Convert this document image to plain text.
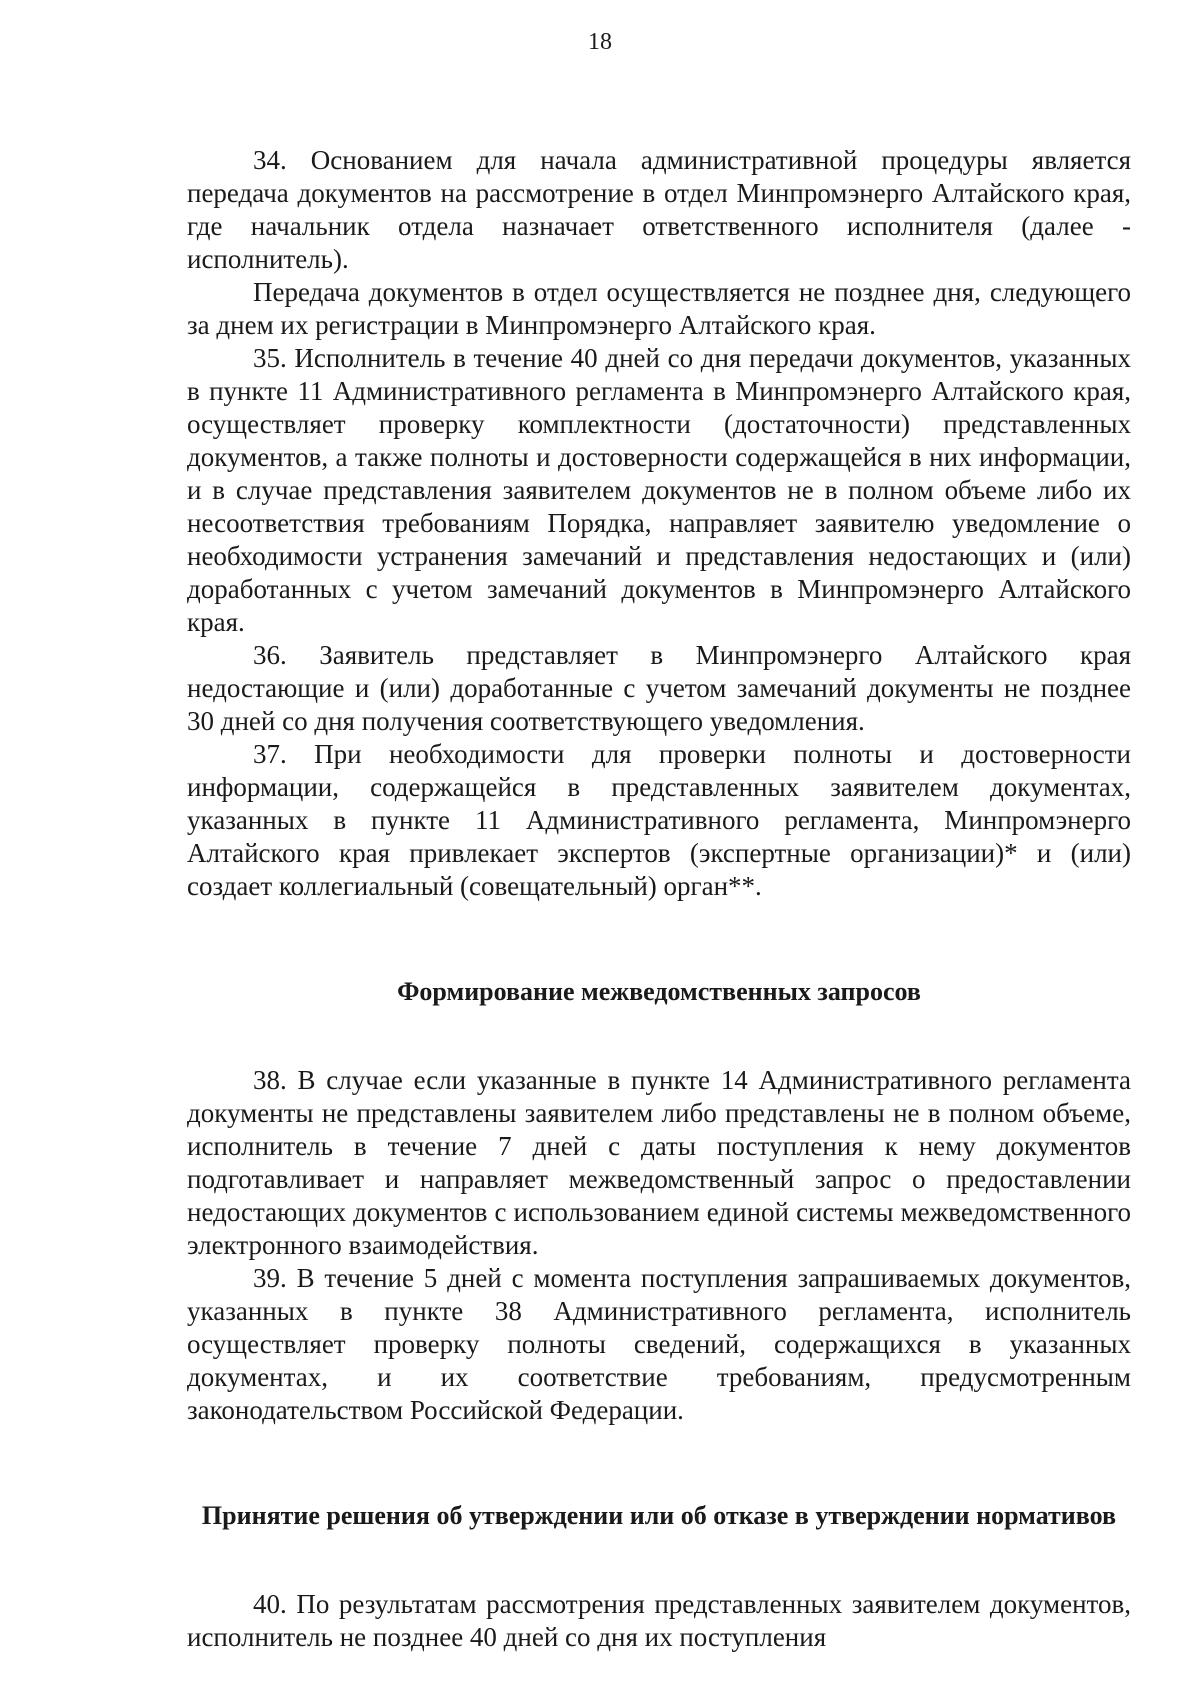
18

34. Основанием для начала административной процедуры является передача документов на рассмотрение в отдел Минпромэнерго Алтайского края, где начальник отдела назначает ответственного исполнителя (далее - исполнитель).

Передача документов в отдел осуществляется не позднее дня, следующего за днем их регистрации в Минпромэнерго Алтайского края.

35. Исполнитель в течение 40 дней со дня передачи документов, указанных в пункте 11 Административного регламента в Минпромэнерго Алтайского края, осуществляет проверку комплектности (достаточности) представленных документов, а также полноты и достоверности содержащейся в них информации, и в случае представления заявителем документов не в полном объеме либо их несоответствия требованиям Порядка, направляет заявителю уведомление о необходимости устранения замечаний и представления недостающих и (или) доработанных с учетом замечаний документов в Минпромэнерго Алтайского края.

36. Заявитель представляет в Минпромэнерго Алтайского края недостающие и (или) доработанные с учетом замечаний документы не позднее 30 дней со дня получения соответствующего уведомления.

37. При необходимости для проверки полноты и достоверности информации, содержащейся в представленных заявителем документах, указанных в пункте 11 Административного регламента, Минпромэнерго Алтайского края привлекает экспертов (экспертные организации)* и (или) создает коллегиальный (совещательный) орган**.

Формирование межведомственных запросов

38. В случае если указанные в пункте 14 Административного регламента документы не представлены заявителем либо представлены не в полном объеме, исполнитель в течение 7 дней с даты поступления к нему документов подготавливает и направляет межведомственный запрос о предоставлении недостающих документов с использованием единой системы межведомственного электронного взаимодействия.

39. В течение 5 дней с момента поступления запрашиваемых документов, указанных в пункте 38 Административного регламента, исполнитель осуществляет проверку полноты сведений, содержащихся в указанных документах, и их соответствие требованиям, предусмотренным законодательством Российской Федерации.

Принятие решения об утверждении или об отказе в утверждении нормативов

40. По результатам рассмотрения представленных заявителем документов, исполнитель не позднее 40 дней со дня их поступления
